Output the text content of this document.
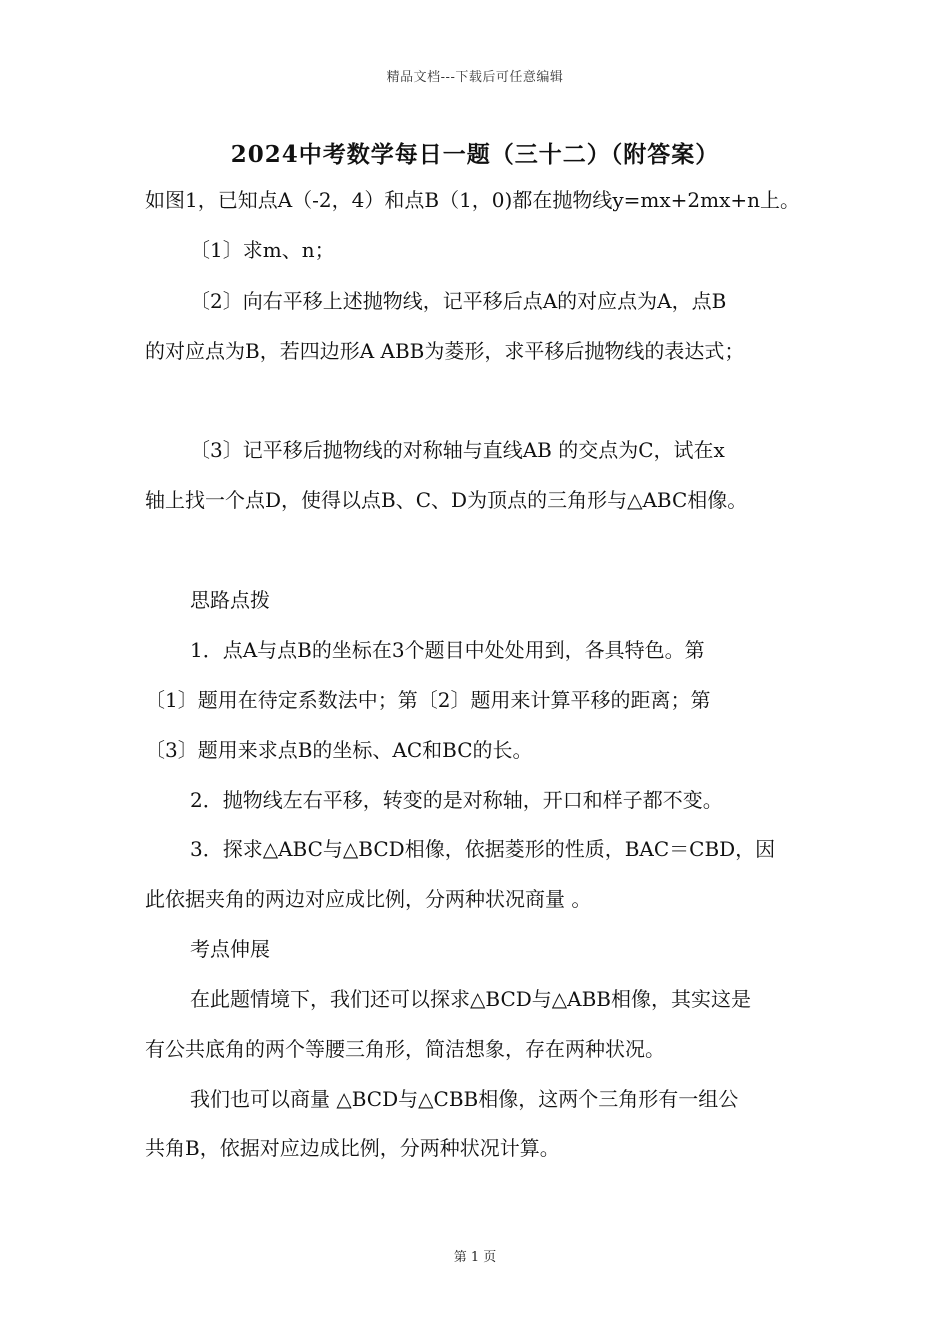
精品文档---下载后可任意编辑
2024中考数学每日一题（三十二）（附答案）
如图1，已知点A（-2，4）和点B（1，0)都在抛物线y=mx+2mx+n上。
〔1〕求m、n；
〔2〕向右平移上述抛物线，记平移后点A的对应点为A，点B
的对应点为B，若四边形A ABB为菱形，求平移后抛物线的表达式；
〔3〕记平移后抛物线的对称轴与直线AB 的交点为C，试在x
轴上找一个点D，使得以点B、C、D为顶点的三角形与△ABC相像。
思路点拨
1．点A与点B的坐标在3个题目中处处用到，各具特色。第
〔1〕题用在待定系数法中；第〔2〕题用来计算平移的距离；第
〔3〕题用来求点B的坐标、AC和BC的长。
2．抛物线左右平移，转变的是对称轴，开口和样子都不变。
3．探求△ABC与△BCD相像，依据菱形的性质，BAC＝CBD，因
此依据夹角的两边对应成比例，分两种状况商量 。
考点伸展
在此题情境下，我们还可以探求△BCD与△ABB相像，其实这是
有公共底角的两个等腰三角形，简洁想象，存在两种状况。
我们也可以商量 △BCD与△CBB相像，这两个三角形有一组公
共角B，依据对应边成比例，分两种状况计算。
第 1 页
